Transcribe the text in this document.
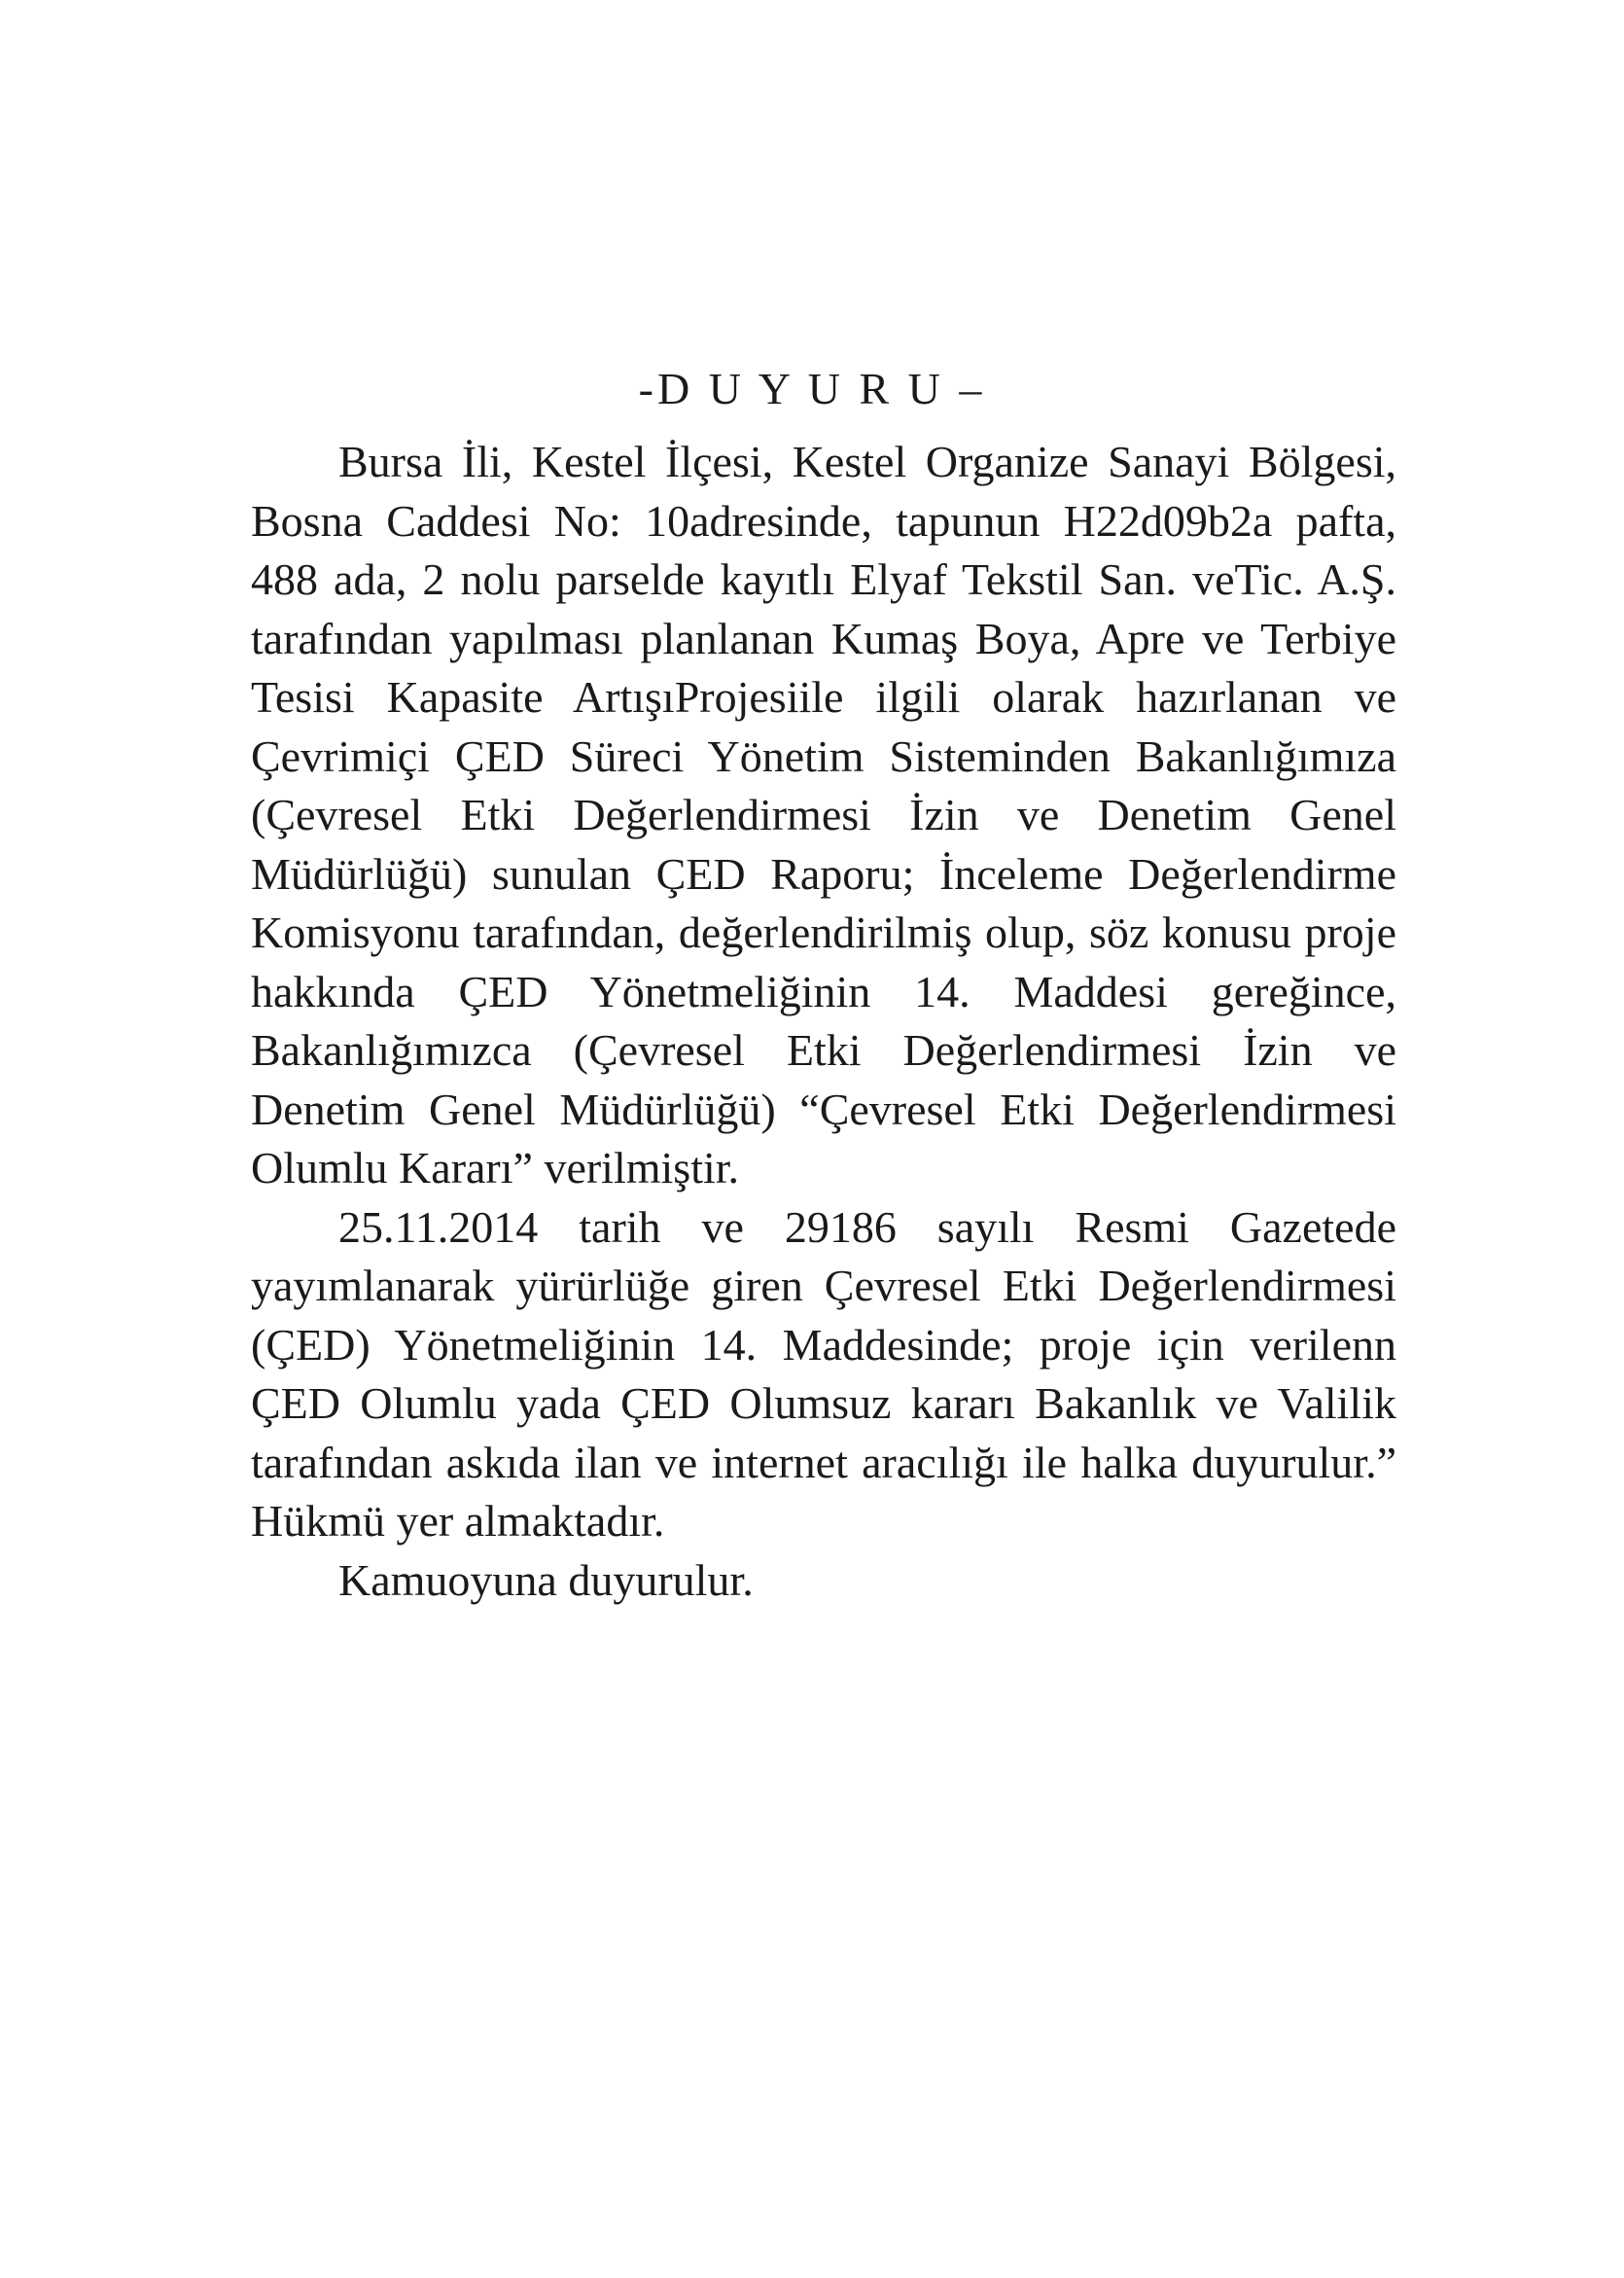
-D U Y U R U –

Bursa İli, Kestel İlçesi, Kestel Organize Sanayi Bölgesi, Bosna Caddesi No: 10adresinde, tapunun H22d09b2a pafta, 488 ada, 2 nolu parselde kayıtlı Elyaf Tekstil San. veTic. A.Ş. tarafından yapılması planlanan Kumaş Boya, Apre ve Terbiye Tesisi Kapasite ArtışıProjesiile ilgili olarak hazırlanan ve Çevrimiçi ÇED Süreci Yönetim Sisteminden Bakanlığımıza (Çevresel Etki Değerlendirmesi İzin ve Denetim Genel Müdürlüğü) sunulan ÇED Raporu; İnceleme Değerlendirme Komisyonu tarafından, değerlendirilmiş olup, söz konusu proje hakkında ÇED Yönetmeliğinin 14. Maddesi gereğince, Bakanlığımızca (Çevresel Etki Değerlendirmesi İzin ve Denetim Genel Müdürlüğü) “Çevresel Etki Değerlendirmesi Olumlu Kararı” verilmiştir.

25.11.2014 tarih ve 29186 sayılı Resmi Gazetede yayımlanarak yürürlüğe giren Çevresel Etki Değerlendirmesi (ÇED) Yönetmeliğinin 14. Maddesinde; proje için verilenn ÇED Olumlu yada ÇED Olumsuz kararı Bakanlık ve Valilik tarafından askıda ilan ve internet aracılığı ile halka duyurulur.” Hükmü yer almaktadır.

Kamuoyuna duyurulur.
